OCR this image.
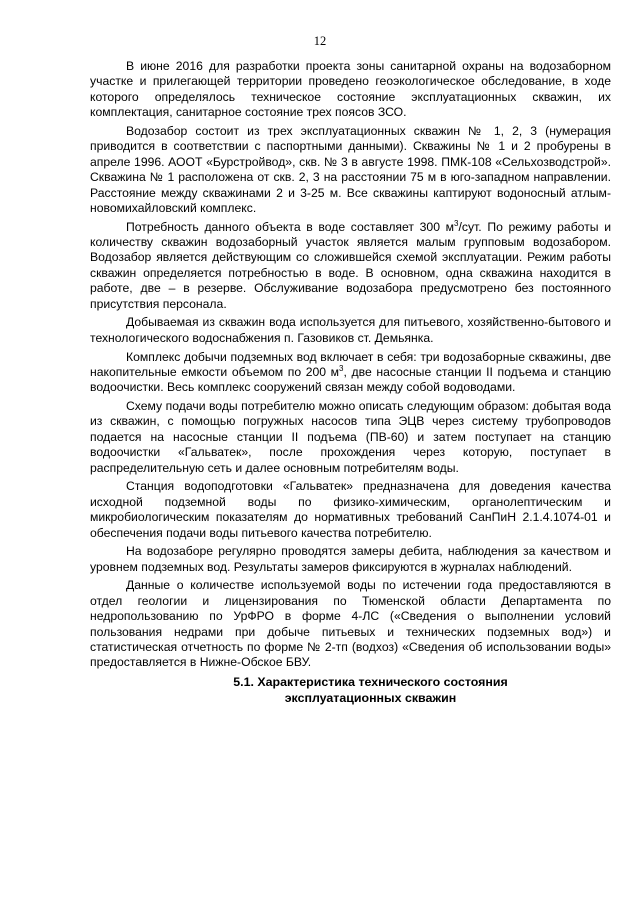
12

В июне 2016 для разработки проекта зоны санитарной охраны на водозаборном участке и прилегающей территории проведено геоэкологическое обследование, в ходе которого определялось техническое состояние эксплуатационных скважин, их комплектация, санитарное состояние трех поясов ЗСО.

Водозабор состоит из трех эксплуатационных скважин № 1, 2, 3 (нумерация приводится в соответствии с паспортными данными). Скважины № 1 и 2 пробурены в апреле 1996. АООТ «Бурстройвод», скв. № 3 в августе 1998. ПМК-108 «Сельхозводстрой». Скважина № 1 расположена от скв. 2, 3 на расстоянии 75 м в юго-западном направлении. Расстояние между скважинами 2 и 3-25 м. Все скважины каптируют водоносный атлым-новомихайловский комплекс.

Потребность данного объекта в воде составляет 300 $м^3$/сут. По режиму работы и количеству скважин водозаборный участок является малым групповым водозабором. Водозабор является действующим со сложившейся схемой эксплуатации. Режим работы скважин определяется потребностью в воде. В основном, одна скважина находится в работе, две – в резерве. Обслуживание водозабора предусмотрено без постоянного присутствия персонала.

Добываемая из скважин вода используется для питьевого, хозяйственно-бытового и технологического водоснабжения п. Газовиков ст. Демьянка.

Комплекс добычи подземных вод включает в себя: три водозаборные скважины, две накопительные емкости объемом по 200 $м^3$, две насосные станции II подъема и станцию водоочистки. Весь комплекс сооружений связан между собой водоводами.

Схему подачи воды потребителю можно описать следующим образом: добытая вода из скважин, с помощью погружных насосов типа ЭЦВ через систему трубопроводов подается на насосные станции II подъема (ПВ-60) и затем поступает на станцию водоочистки «Гальватек», после прохождения через которую, поступает в распределительную сеть и далее основным потребителям воды.

Станция водоподготовки «Гальватек» предназначена для доведения качества исходной подземной воды по физико-химическим, органолептическим и микробиологическим показателям до нормативных требований СанПиН 2.1.4.1074-01 и обеспечения подачи воды питьевого качества потребителю.

На водозаборе регулярно проводятся замеры дебита, наблюдения за качеством и уровнем подземных вод. Результаты замеров фиксируются в журналах наблюдений.

Данные о количестве используемой воды по истечении года предоставляются в отдел геологии и лицензирования по Тюменской области Департамента по недропользованию по УрФРО в форме 4-ЛС («Сведения о выполнении условий пользования недрами при добыче питьевых и технических подземных вод») и статистическая отчетность по форме № 2-тп (водхоз) «Сведения об использовании воды» предоставляется в Нижне-Обское БВУ.

5.1. Характеристика технического состояния
эксплуатационных скважин
